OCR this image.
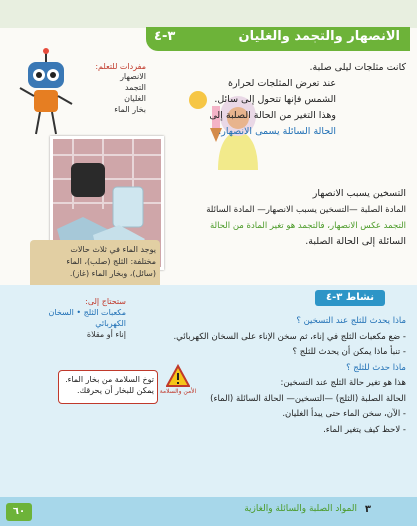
الانصهار والتجمد والغليان
٣-٤
مفردات للتعلم:
الانصهار
التجمد
الغليان
بخار الماء
كانت مثلجات ليلى صلبة.
عند تعرض المثلجات لحرارة
الشمس فإنها تتحول إلى سائل.
وهذا التغير من الحالة الصلبة إلى
الحالة السائلة يسمى الانصهار.
يوجد الماء في ثلاث حالات
مختلفة: الثلج (صلب)، الماء
(سائل)، وبخار الماء (غاز).
التسخين يسبب الانصهار
المادة الصلبة —التسخين يسبب الانصهار— المادة السائلة
التجمد عكس الانصهار، فالتجمد هو تغير المادة من الحالة
السائلة إلى الحالة الصلبة.
نشاط ٣-٤
ستحتاج إلى:
مكعبات الثلج • السخان الكهربائي
إناء أو مقلاة
ماذا يحدث للثلج عند التسخين ؟
- ضع مكعبات الثلج في إناء، ثم سخن الإناء على السخان الكهربائي.
- تنبأ ماذا يمكن أن يحدث للثلج ؟
ماذا حدث للثلج ؟
هذا هو تغير حالة الثلج عند التسخين:
الحالة الصلبة (الثلج) —التسخين— الحالة السائلة (الماء)
- الآن، سخن الماء حتى يبدأ الغليان.
- لاحظ كيف يتغير الماء.
توخ السلامة من بخار الماء.
يمكن للبخار أن يحرقك. الأمن والسلامة
٦٠	٣
المواد الصلبة والسائلة والغازية
